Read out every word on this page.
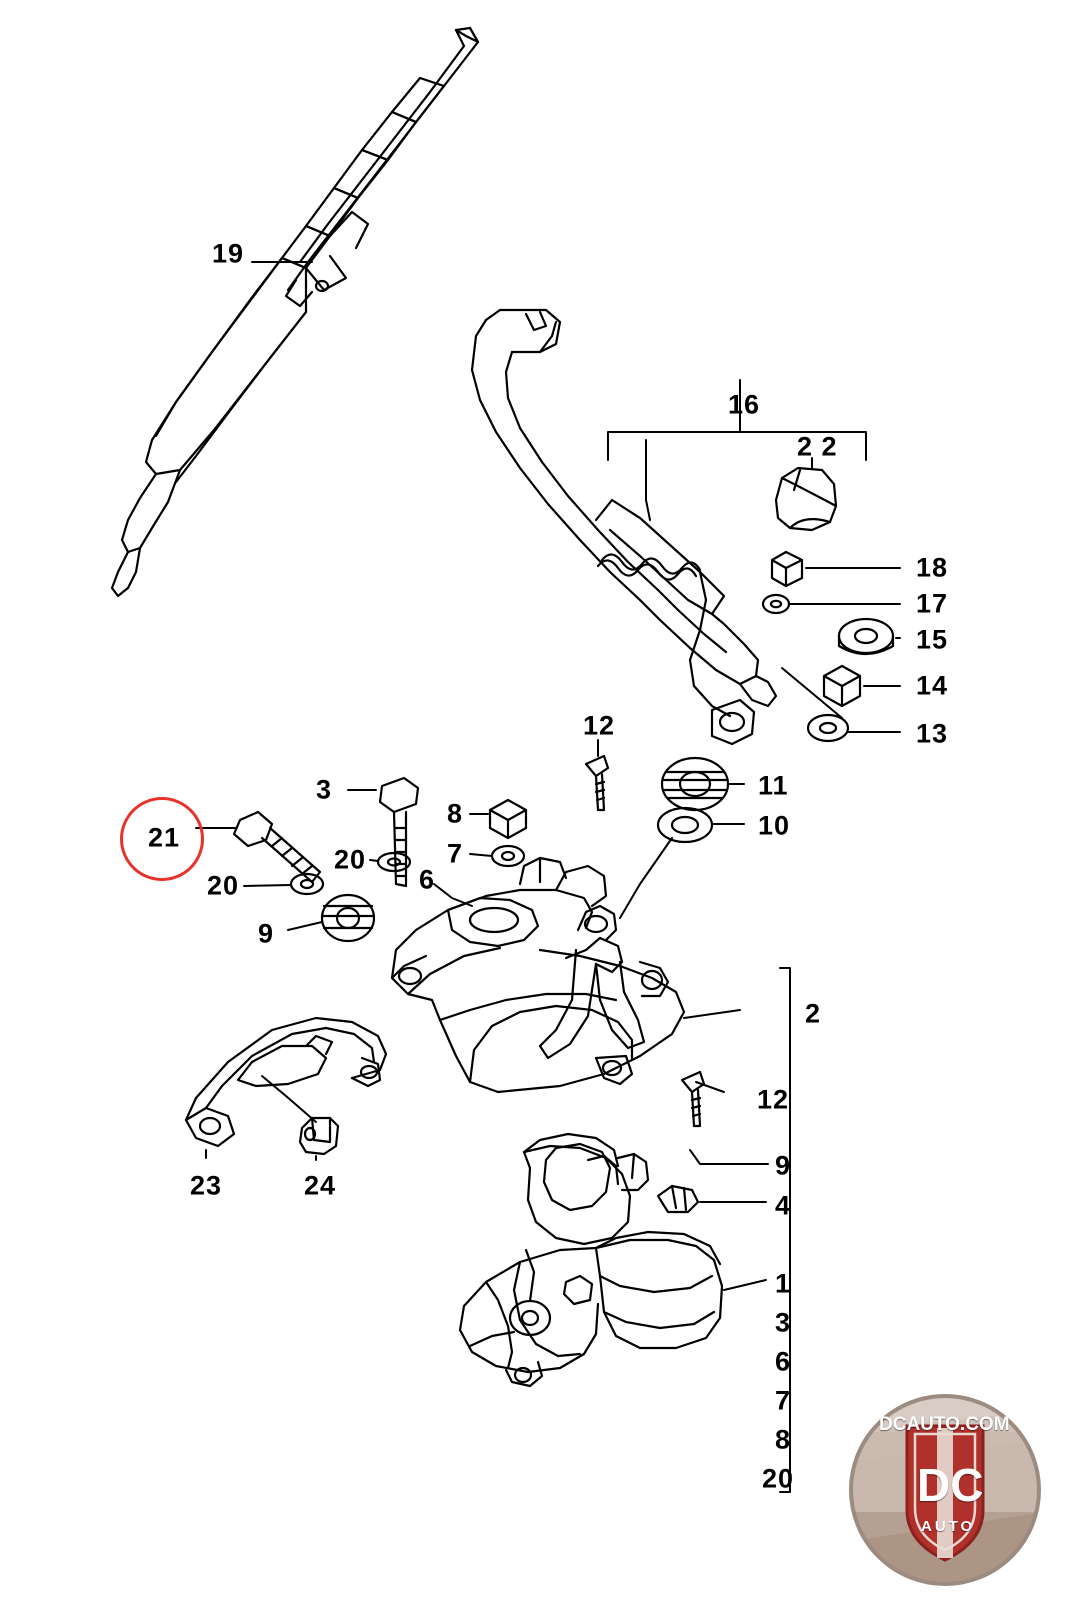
19
16
2 2
18
17
15
14
13
12
11
10
3
8
21
20	7
6
20
9
2
12
9
4
23	24
1
3
6
7
8
20
DCAUTO.COM
DC
AUTO
